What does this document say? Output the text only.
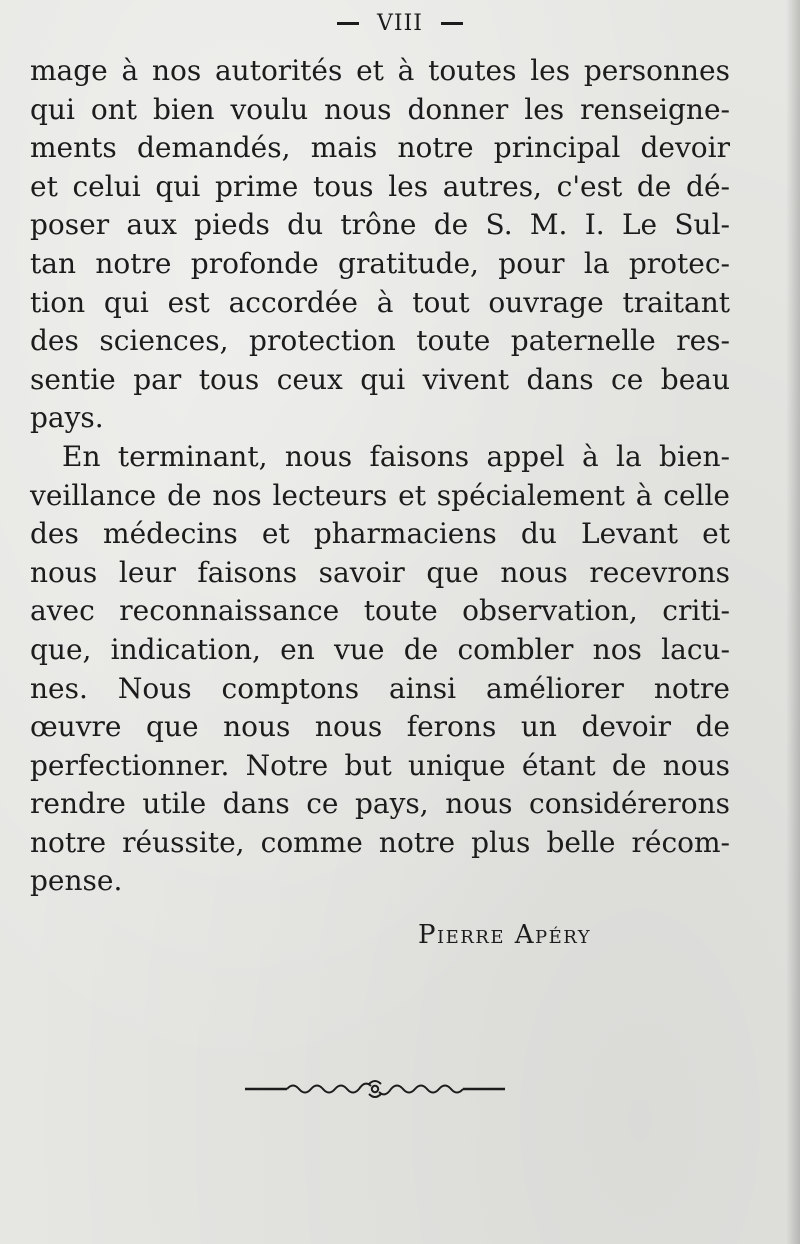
VIII
mage à nos autorités et à toutes les personnes
qui ont bien voulu nous donner les renseigne-
ments demandés, mais notre principal devoir
et celui qui prime tous les autres, c'est de dé-
poser aux pieds du trône de S. M. I. Le Sul-
tan notre profonde gratitude, pour la protec-
tion qui est accordée à tout ouvrage traitant
des sciences, protection toute paternelle res-
sentie par tous ceux qui vivent dans ce beau
pays.
En terminant, nous faisons appel à la bien-
veillance de nos lecteurs et spécialement à celle
des médecins et pharmaciens du Levant et
nous leur faisons savoir que nous recevrons
avec reconnaissance toute observation, criti-
que, indication, en vue de combler nos lacu-
nes. Nous comptons ainsi améliorer notre
œuvre que nous nous ferons un devoir de
perfectionner. Notre but unique étant de nous
rendre utile dans ce pays, nous considérerons
notre réussite, comme notre plus belle récom-
pense.
Pierre Apéry
